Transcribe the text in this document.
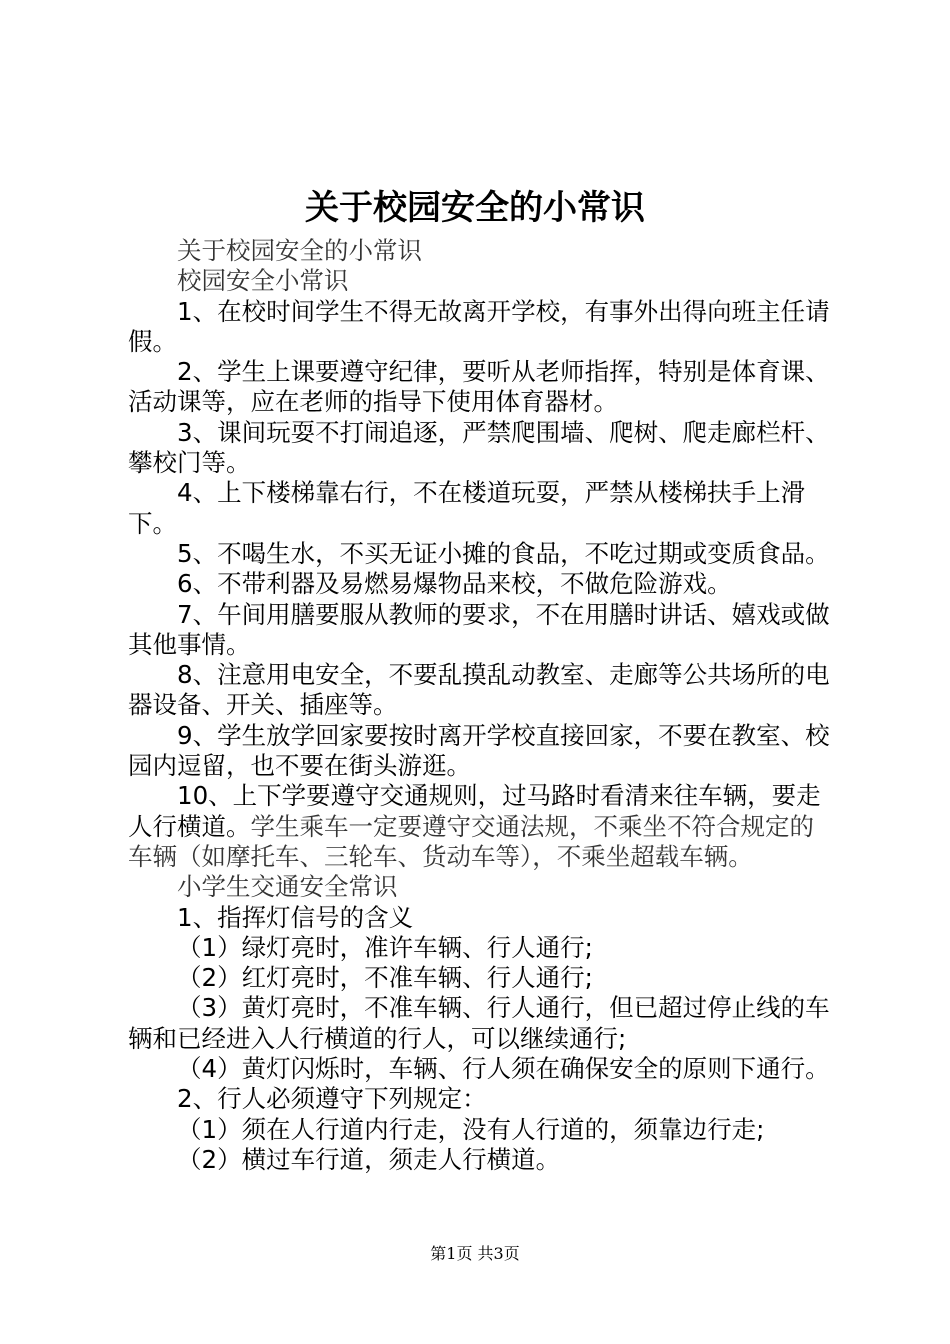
关于校园安全的小常识

关于校园安全的小常识

校园安全小常识

1、在校时间学生不得无故离开学校，有事外出得向班主任请假。

2、学生上课要遵守纪律，要听从老师指挥，特别是体育课、活动课等，应在老师的指导下使用体育器材。

3、课间玩耍不打闹追逐，严禁爬围墙、爬树、爬走廊栏杆、攀校门等。

4、上下楼梯靠右行，不在楼道玩耍，严禁从楼梯扶手上滑下。

5、不喝生水，不买无证小摊的食品，不吃过期或变质食品。

6、不带利器及易燃易爆物品来校，不做危险游戏。

7、午间用膳要服从教师的要求，不在用膳时讲话、嬉戏或做其他事情。

8、注意用电安全，不要乱摸乱动教室、走廊等公共场所的电器设备、开关、插座等。

9、学生放学回家要按时离开学校直接回家，不要在教室、校园内逗留，也不要在街头游逛。

10、上下学要遵守交通规则，过马路时看清来往车辆，要走人行横道。学生乘车一定要遵守交通法规，不乘坐不符合规定的车辆（如摩托车、三轮车、货动车等），不乘坐超载车辆。

小学生交通安全常识

1、指挥灯信号的含义

（1）绿灯亮时，准许车辆、行人通行;

（2）红灯亮时，不准车辆、行人通行;

（3）黄灯亮时，不准车辆、行人通行，但已超过停止线的车辆和已经进入人行横道的行人，可以继续通行;

（4）黄灯闪烁时，车辆、行人须在确保安全的原则下通行。

2、行人必须遵守下列规定：

（1）须在人行道内行走，没有人行道的，须靠边行走;

（2）横过车行道，须走人行横道。

第1页 共3页
